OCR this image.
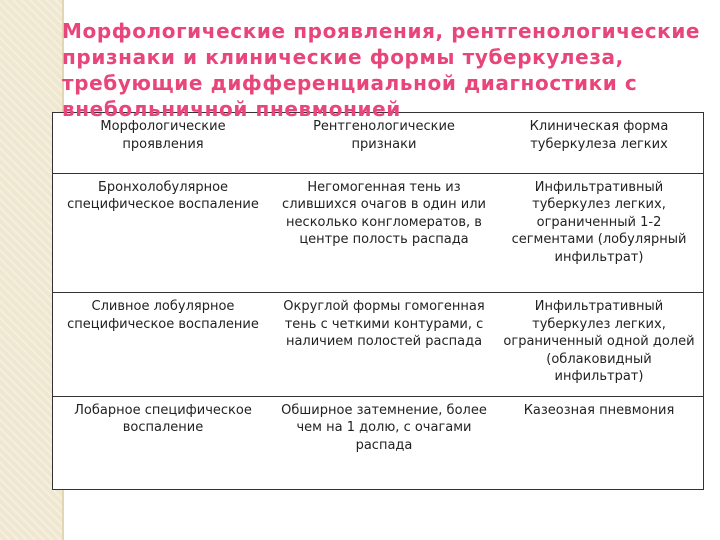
Морфологические проявления	Рентгенологические признаки	Клиническая форма туберкулеза легких
Бронхолобулярное специфическое воспаление	Негомогенная тень из слившихся очагов в один или несколько конгломератов, в центре полость распада	Инфильтративный туберкулез легких, ограниченный 1-2 сегментами (лобулярный инфильтрат)
Сливное лобулярное специфическое воспаление	Округлой формы гомогенная тень с четкими контурами, с наличием полостей распада	Инфильтративный туберкулез легких, ограниченный одной долей (облаковидный инфильтрат)
Лобарное специфическое воспаление	Обширное затемнение, более чем на 1 долю, с очагами распада	Казеозная пневмония
Морфологические проявления, рентгенологические признаки и клинические формы туберкулеза, требующие дифференциальной диагностики с внебольничной пневмонией
